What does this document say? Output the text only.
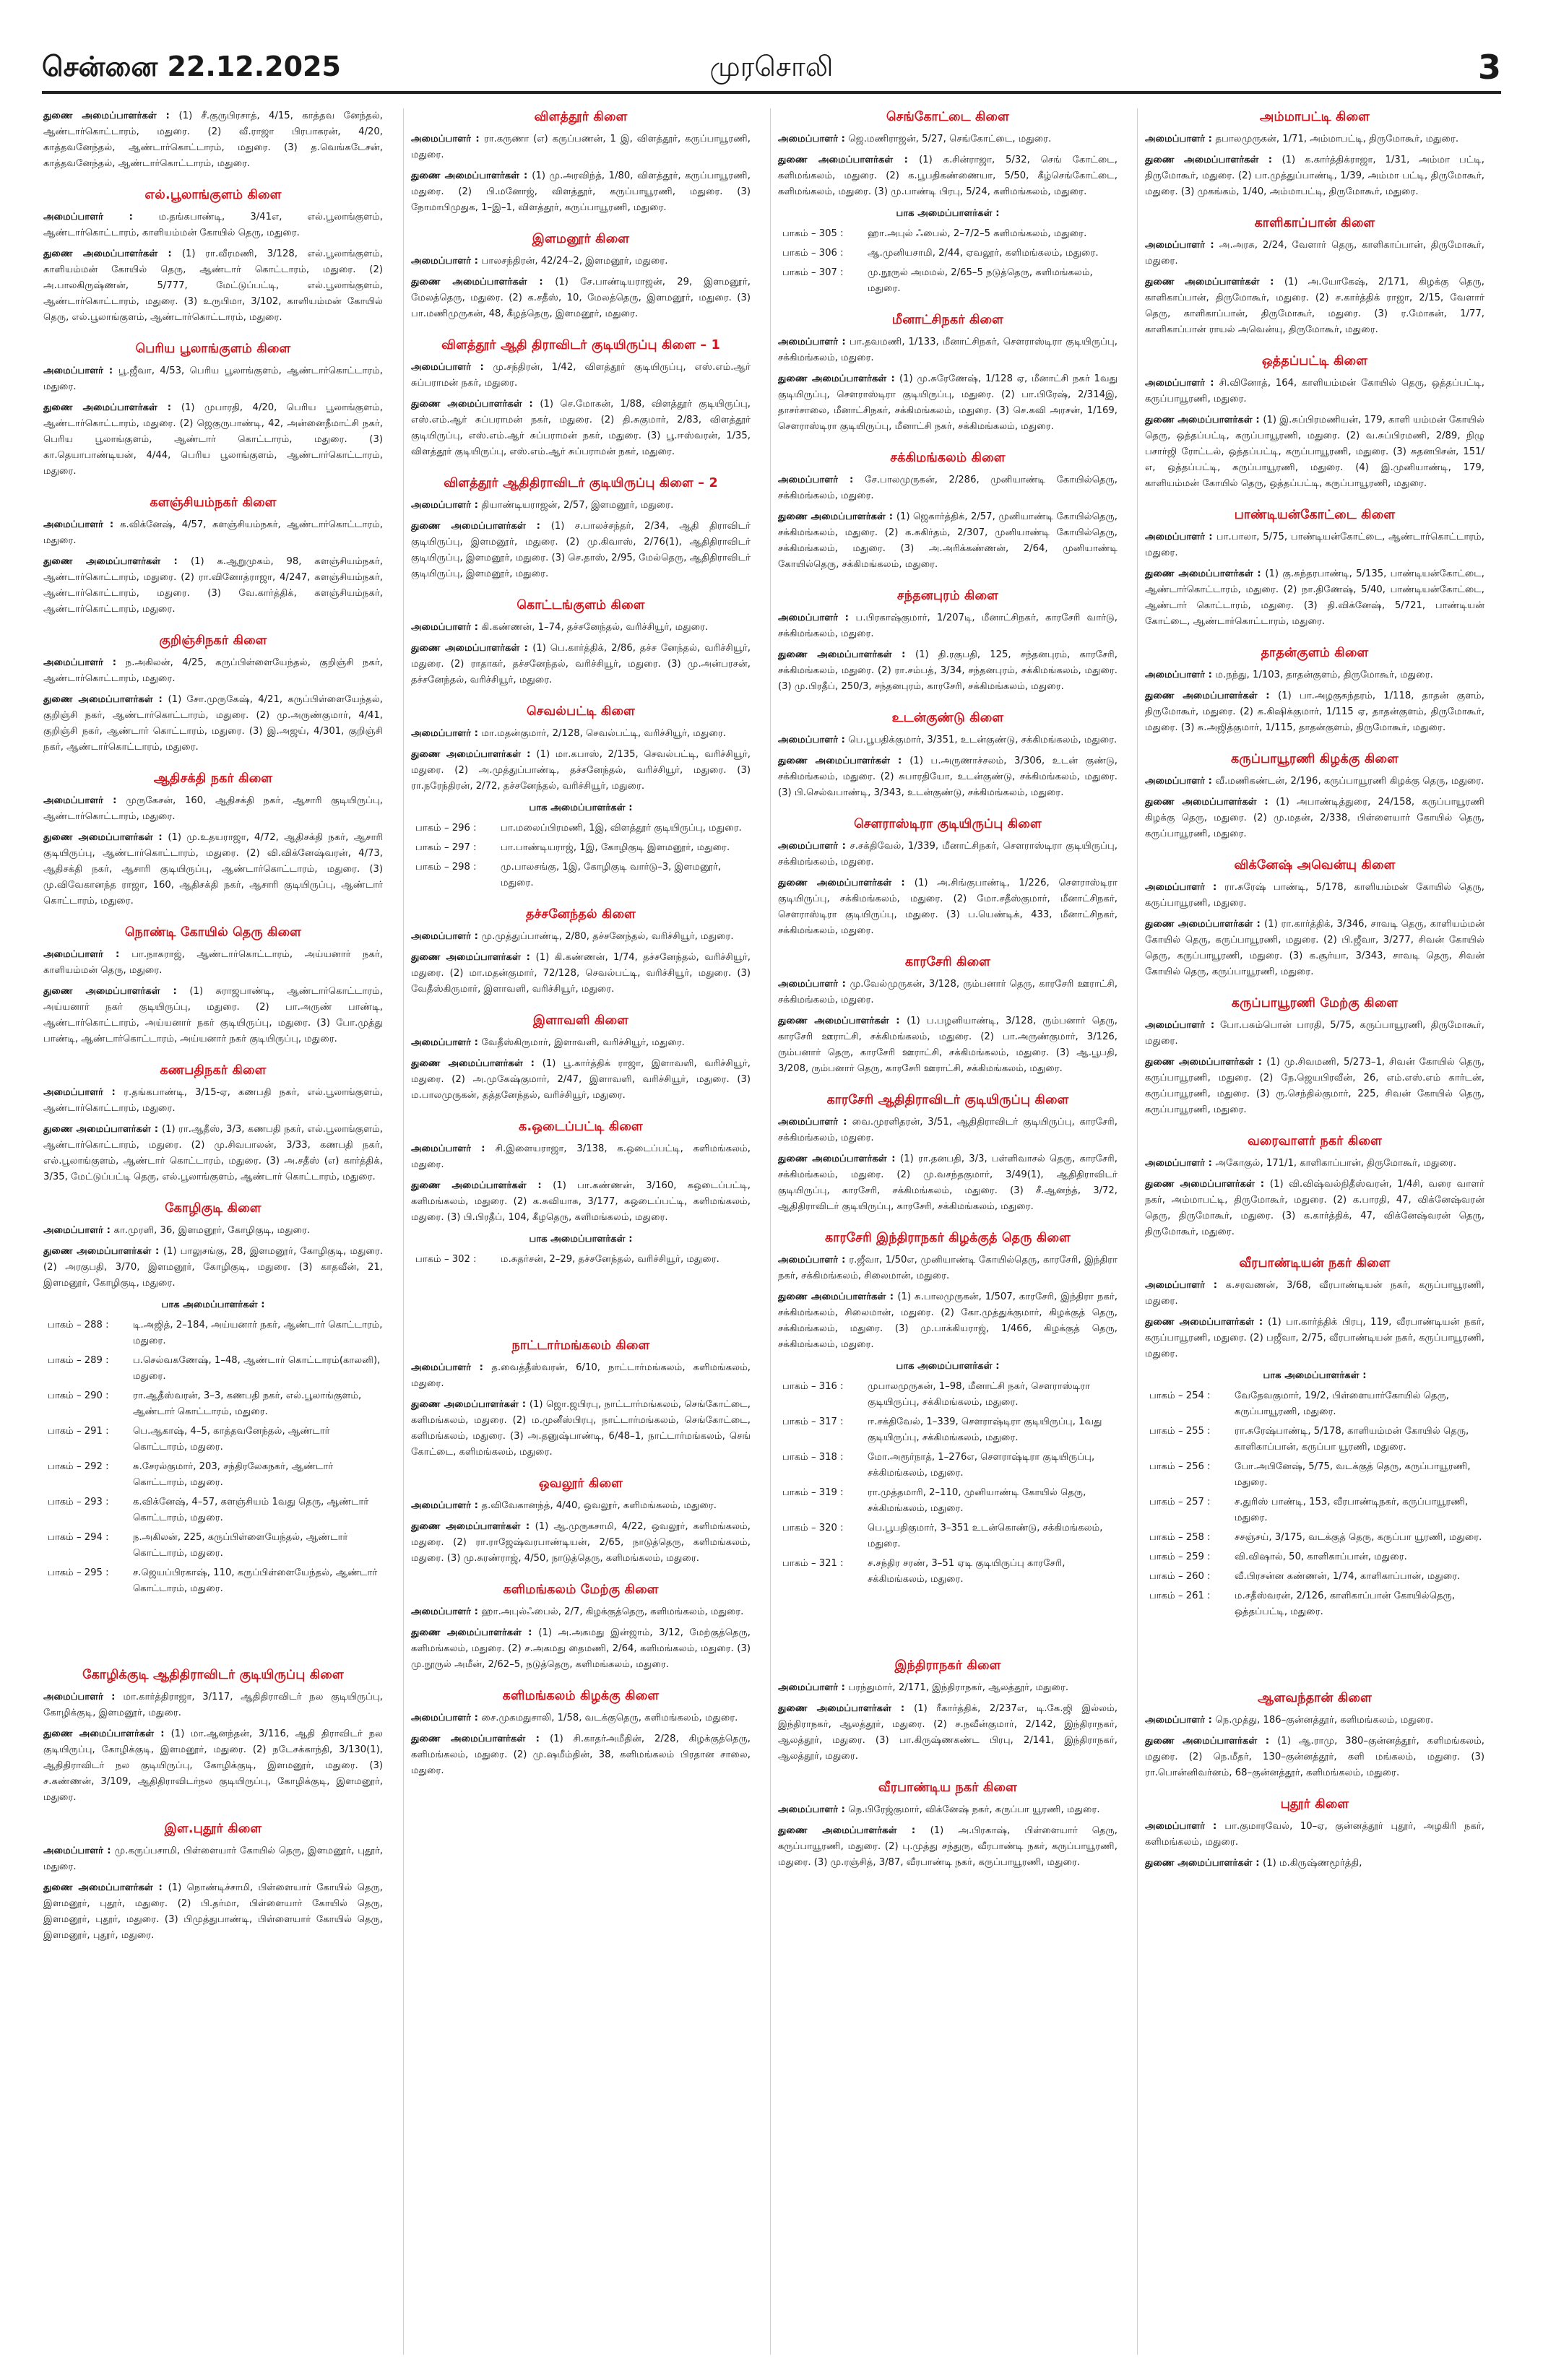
சென்னை 22.12.2025	முரசொலி	3
துணை அமைப்பாளர்கள் : (1) சீ.குருபிரசாத், 4/15, காத்தவ னேந்தல், ஆண்டார்கொட்டாரம், மதுரை. (2) வீ.ராஜா பிரபாகரன், 4/20, காத்தவனேந்தல், ஆண்டார்கொட்டாரம், மதுரை. (3) த.வெங்கடேசன், காத்தவனேந்தல், ஆண்டார்கொட்டாரம், மதுரை.
எல்.பூலாங்குளம் கிளை
அமைப்பாளர் : ம.தங்கபாண்டி, 3/41எ, எல்.பூலாங்குளம், ஆண்டார்கொட்டாரம், காளியம்மன் கோயில் தெரு, மதுரை.
துணை அமைப்பாளர்கள் : (1) ரா.வீரமணி, 3/128, எல்.பூலாங்குளம், காளியம்மன் கோயில் தெரு, ஆண்டார் கொட்டாரம், மதுரை. (2) அ.பாலகிருஷ்ணன், 5/777, மேட்டுப்பட்டி, எல்.பூலாங்குளம், ஆண்டார்கொட்டாரம், மதுரை. (3) உருபிமா, 3/102, காளியம்மன் கோயில் தெரு, எல்.பூலாங்குளம், ஆண்டார்கொட்டாரம், மதுரை.
பெரிய பூலாங்குளம் கிளை
அமைப்பாளர் : பூ.ஜீவா, 4/53, பெரிய பூலாங்குளம், ஆண்டார்கொட்டாரம், மதுரை.
துணை அமைப்பாளர்கள் : (1) முபாரதி, 4/20, பெரிய பூலாங்குளம், ஆண்டார்கொட்டாரம், மதுரை. (2) ஜெகுருபாண்டி, 42, அன்னைநீமாட்சி நகர், பெரிய பூலாங்குளம், ஆண்டார் கொட்டாரம், மதுரை. (3) கா.தெயாபாண்டியன், 4/44, பெரிய பூலாங்குளம், ஆண்டார்கொட்டாரம், மதுரை.
களஞ்சியம்நகர் கிளை
அமைப்பாளர் : க.விக்னேஷ், 4/57, களஞ்சியம்நகர், ஆண்டார்கொட்டாரம், மதுரை.
துணை அமைப்பாளர்கள் : (1) க.ஆறுமுகம், 98, களஞ்சியம்நகர், ஆண்டார்கொட்டாரம், மதுரை. (2) ரா.வினோத்ராஜா, 4/247, களஞ்சியம்நகர், ஆண்டார்கொட்டாரம், மதுரை. (3) வே.கார்த்திக், களஞ்சியம்நகர், ஆண்டார்கொட்டாரம், மதுரை.
குறிஞ்சிநகர் கிளை
அமைப்பாளர் : ந.அகிலன், 4/25, கருப்பிள்ளையேந்தல், குறிஞ்சி நகர், ஆண்டார்கொட்டாரம், மதுரை.
துணை அமைப்பாளர்கள் : (1) சோ.முருகேஷ், 4/21, கருப்பிள்ளையேந்தல், குறிஞ்சி நகர், ஆண்டார்கொட்டாரம், மதுரை. (2) மு.அருண்குமார், 4/41, குறிஞ்சி நகர், ஆண்டார் கொட்டாரம், மதுரை. (3) இ.அஜய், 4/301, குறிஞ்சி நகர், ஆண்டார்கொட்டாரம், மதுரை.
ஆதிசக்தி நகர் கிளை
அமைப்பாளர் : முருகேசன், 160, ஆதிசக்தி நகர், ஆசாரி குடியிருப்பு, ஆண்டார்கொட்டாரம், மதுரை.
துணை அமைப்பாளர்கள் : (1) மு.உதயராஜா, 4/72, ஆதிசக்தி நகர், ஆசாரி குடியிருப்பு, ஆண்டார்கொட்டாரம், மதுரை. (2) வி.விக்னேஷ்வரன், 4/73, ஆதிசக்தி நகர், ஆசாரி குடியிருப்பு, ஆண்டார்கொட்டாரம், மதுரை. (3) மு.விவேகானந்த ராஜா, 160, ஆதிசக்தி நகர், ஆசாரி குடியிருப்பு, ஆண்டார் கொட்டாரம், மதுரை.
நொண்டி கோயில் தெரு கிளை
அமைப்பாளர் : பா.நாகராஜ், ஆண்டார்கொட்டாரம், அய்யனார் நகர், காளியம்மன் தெரு, மதுரை.
துணை அமைப்பாளர்கள் : (1) சுராஜபாண்டி, ஆண்டார்கொட்டாரம், அய்யனார் நகர் குடியிருப்பு, மதுரை. (2) பா.அருண் பாண்டி, ஆண்டார்கொட்டாரம், அய்யனார் நகர் குடியிருப்பு, மதுரை. (3) போ.முத்து பாண்டி, ஆண்டார்கொட்டாரம், அய்யனார் நகர் குடியிருப்பு, மதுரை.
கணபதிநகர் கிளை
அமைப்பாளர் : ர.தங்கபாண்டி, 3/15-ஏ, கணபதி நகர், எல்.பூலாங்குளம், ஆண்டார்கொட்டாரம், மதுரை.
துணை அமைப்பாளர்கள் : (1) ரா.ஆதீஸ், 3/3, கணபதி நகர், எல்.பூலாங்குளம், ஆண்டார்கொட்டாரம், மதுரை. (2) மு.சிவபாலன், 3/33, கணபதி நகர், எல்.பூலாங்குளம், ஆண்டார் கொட்டாரம், மதுரை. (3) அ.சதீஸ் (எ) கார்த்திக், 3/35, மேட்டுப்பட்டி தெரு, எல்.பூலாங்குளம், ஆண்டார் கொட்டாரம், மதுரை.
கோழிகுடி கிளை
அமைப்பாளர் : கா.முரளி, 36, இளமனூர், கோழிகுடி, மதுரை.
துணை அமைப்பாளர்கள் : (1) பாலுசங்கு, 28, இளமனூர், கோழிகுடி, மதுரை. (2) அரகுபதி, 3/70, இளமனூர், கோழிகுடி, மதுரை. (3) காதவீன், 21, இளமனூர், கோழிகுடி, மதுரை.
பாக அமைப்பாளர்கள் :
பாகம் – 288 :	டி.அஜித், 2–184, அய்யனார் நகர், ஆண்டார் கொட்டாரம், மதுரை.
பாகம் – 289 :	ப.செல்வகணேஷ், 1–48, ஆண்டார் கொட்டாரம்(காலனி), மதுரை.
பாகம் – 290 :	ரா.ஆதீஸ்வரன், 3–3, கணபதி நகர், எல்.பூலாங்குளம், ஆண்டார் கொட்டாரம், மதுரை.
பாகம் – 291 :	பெ.ஆகாஷ், 4–5, காத்தவனேந்தல், ஆண்டார் கொட்டாரம், மதுரை.
பாகம் – 292 :	சு.சேரல்குமார், 203, சந்திரலேகநகர், ஆண்டார் கொட்டாரம், மதுரை.
பாகம் – 293 :	க.விக்னேஷ், 4–57, களஞ்சியம் 1வது தெரு, ஆண்டார் கொட்டாரம், மதுரை.
பாகம் – 294 :	ந.அகிலன், 225, கருப்பிள்ளையேந்தல், ஆண்டார் கொட்டாரம், மதுரை.
பாகம் – 295 :	ச.ஜெயப்பிரகாஷ், 110, கருப்பிள்ளையேந்தல், ஆண்டார் கொட்டாரம், மதுரை.
கோழிக்குடி ஆதிதிராவிடர் குடியிருப்பு கிளை
அமைப்பாளர் : மா.கார்த்திராஜா, 3/117, ஆதிதிராவிடர் நல குடியிருப்பு, கோழிக்குடி, இளமனூர், மதுரை.
துணை அமைப்பாளர்கள் : (1) மா.ஆனந்தன், 3/116, ஆதி திராவிடர் நல குடியிருப்பு, கோழிக்குடி, இளமனூர், மதுரை. (2) நடேசக்காந்தி, 3/130(1), ஆதிதிராவிடர் நல குடியிருப்பு, கோழிக்குடி, இளமனூர், மதுரை. (3) ச.கண்ணன், 3/109, ஆதிதிராவிடர்நல குடியிருப்பு, கோழிக்குடி, இளமனூர், மதுரை.
இள.புதூர் கிளை
அமைப்பாளர் : மு.கருப்பசாமி, பிள்ளையார் கோயில் தெரு, இளமனூர், புதூர், மதுரை.
துணை அமைப்பாளர்கள் : (1) நொண்டிச்சாமி, பிள்ளையார் கோயில் தெரு, இளமனூர், புதூர், மதுரை. (2) பி.தர்மா, பிள்ளையார் கோயில் தெரு, இளமனூர், புதூர், மதுரை. (3) பிமுத்துபாண்டி, பிள்ளையார் கோயில் தெரு, இளமனூர், புதூர், மதுரை.
விளத்தூர் கிளை
அமைப்பாளர் : ரா.கருணா (எ) கருப்பணன், 1 இ, விளத்தூர், கருப்பாயூரணி, மதுரை.
துணை அமைப்பாளர்கள் : (1) மு.அரவிந்த், 1/80, விளத்தூர், கருப்பாயூரணி, மதுரை. (2) பி.மனோஜ், விளத்தூர், கருப்பாயூரணி, மதுரை. (3) நோமாபிமுதுக, 1–இ–1, விளத்தூர், கருப்பாயூரணி, மதுரை.
இளமனூர் கிளை
அமைப்பாளர் : பாலசந்திரன், 42/24–2, இளமனூர், மதுரை.
துணை அமைப்பாளர்கள் : (1) சே.பாண்டியராஜன், 29, இளமனூர், மேலத்தெரு, மதுரை. (2) க.சதீஸ், 10, மேலத்தெரு, இளமனூர், மதுரை. (3) பா.மணிமுருகன், 48, கீழத்தெரு, இளமனூர், மதுரை.
விளத்தூர் ஆதி திராவிடர் குடியிருப்பு கிளை – 1
அமைப்பாளர் : மு.சந்திரன், 1/42, விளத்தூர் குடியிருப்பு, எஸ்.எம்.ஆர் சுப்பராமன் நகர், மதுரை.
துணை அமைப்பாளர்கள் : (1) செ.மோகன், 1/88, விளத்தூர் குடியிருப்பு, எஸ்.எம்.ஆர் சுப்பராமன் நகர், மதுரை. (2) தி.சுகுமார், 2/83, விளத்தூர் குடியிருப்பு, எஸ்.எம்.ஆர் சுப்பராமன் நகர், மதுரை. (3) பூ.ஈஸ்வரன், 1/35, விளத்தூர் குடியிருப்பு, எஸ்.எம்.ஆர் சுப்பராமன் நகர், மதுரை.
விளத்தூர் ஆதிதிராவிடர் குடியிருப்பு கிளை – 2
அமைப்பாளர் : தியாண்டியராஜன், 2/57, இளமனூர், மதுரை.
துணை அமைப்பாளர்கள் : (1) ச.பாலச்சந்தர், 2/34, ஆதி திராவிடர் குடியிருப்பு, இளமனூர், மதுரை. (2) மு.கிவாஸ், 2/76(1), ஆதிதிராவிடர் குடியிருப்பு, இளமனூர், மதுரை. (3) செ.தாஸ், 2/95, மேல்தெரு, ஆதிதிராவிடர் குடியிருப்பு, இளமனூர், மதுரை.
கொட்டங்குளம் கிளை
அமைப்பாளர் : கி.கண்ணன், 1–74, தச்சனேந்தல், வரிச்சியூர், மதுரை.
துணை அமைப்பாளர்கள் : (1) பெ.கார்த்திக், 2/86, தச்ச னேந்தல், வரிச்சியூர், மதுரை. (2) ராதாகர், தச்சனேந்தல், வரிச்சியூர், மதுரை. (3) மு.அன்பரசன், தச்சனேந்தல், வரிச்சியூர், மதுரை.
செவல்பட்டி கிளை
அமைப்பாளர் : மா.மதன்குமார், 2/128, செவல்பட்டி, வரிச்சியூர், மதுரை.
துணை அமைப்பாளர்கள் : (1) மா.கபாஸ், 2/135, செவல்பட்டி, வரிச்சியூர், மதுரை. (2) அ.முத்துப்பாண்டி, தச்சனேந்தல், வரிச்சியூர், மதுரை. (3) ரா.நரேந்திரன், 2/72, தச்சனேந்தல், வரிச்சியூர், மதுரை.
பாக அமைப்பாளர்கள் :
பாகம் – 296 :	பா.மலைப்பிரமணி, 1இ, விளத்தூர் குடியிருப்பு, மதுரை.
பாகம் – 297 :	பா.பாண்டியராஜ், 1இ, கோழிகுடி இளமனூர், மதுரை.
பாகம் – 298 :	மு.பாலசங்கு, 1இ, கோழிகுடி வார்டு–3, இளமனூர், மதுரை.
தச்சனேந்தல் கிளை
அமைப்பாளர் : மு.முத்துப்பாண்டி, 2/80, தச்சனேந்தல், வரிச்சியூர், மதுரை.
துணை அமைப்பாளர்கள் : (1) கி.கண்ணன், 1/74, தச்சனேந்தல், வரிச்சியூர், மதுரை. (2) மா.மதன்குமார், 72/128, செவல்பட்டி, வரிச்சியூர், மதுரை. (3) வேதீஸ்கிருமார், இளாவளி, வரிச்சியூர், மதுரை.
இளாவளி கிளை
அமைப்பாளர் : வேதீஸ்கிருமார், இளாவளி, வரிச்சியூர், மதுரை.
துணை அமைப்பாளர்கள் : (1) பூ.கார்த்திக் ராஜா, இளாவளி, வரிச்சியூர், மதுரை. (2) அ.முகேஷ்குமார், 2/47, இளாவளி, வரிச்சியூர், மதுரை. (3) ம.பாலமுருகன், தத்தனேந்தல், வரிச்சியூர், மதுரை.
க.ஒடைப்பட்டி கிளை
அமைப்பாளர் : சி.இளையராஜா, 3/138, க.ஒடைப்பட்டி, களிமங்கலம், மதுரை.
துணை அமைப்பாளர்கள் : (1) பா.கண்ணன், 3/160, கஒடைப்பட்டி, களிமங்கலம், மதுரை. (2) க.சுவியாசு, 3/177, கஒடைப்பட்டி, களிமங்கலம், மதுரை. (3) பி.பிரதீப், 104, கீழதெரு, களிமங்கலம், மதுரை.
பாக அமைப்பாளர்கள் :
பாகம் – 302 :	ம.சுதர்சன், 2–29, தச்சனேந்தல், வரிச்சியூர், மதுரை.
நாட்டார்மங்கலம் கிளை
அமைப்பாளர் : த.வைத்தீஸ்வரன், 6/10, நாட்டார்மங்கலம், களிமங்கலம், மதுரை.
துணை அமைப்பாளர்கள் : (1) ஜொ.ஜபிரபு, நாட்டார்மங்கலம், செங்கோட்டை, களிமங்கலம், மதுரை. (2) ம.முனீஸ்பிரபு, நாட்டார்மங்கலம், செங்கோட்டை, களிமங்கலம், மதுரை. (3) அ.தனுஷ்பாண்டி, 6/48–1, நாட்டார்மங்கலம், செங் கோட்டை, களிமங்கலம், மதுரை.
ஒவலூர் கிளை
அமைப்பாளர் : த.விவேகானந்த், 4/40, ஒவலூர், களிமங்கலம், மதுரை.
துணை அமைப்பாளர்கள் : (1) ஆ.முருகசாமி, 4/22, ஒவலூர், களிமங்கலம், மதுரை. (2) ரா.ராஜேஷ்வரபாண்டியன், 2/65, நாடுத்தெரு, களிமங்கலம், மதுரை. (3) மு.சுரண்ராஜ், 4/50, நாடுத்தெரு, களிமங்கலம், மதுரை.
களிமங்கலம் மேற்கு கிளை
அமைப்பாளர் : ஹா.அபுல்ஃபைல், 2/7, கிழக்குத்தெரு, களிமங்கலம், மதுரை.
துணை அமைப்பாளர்கள் : (1) அ.அகமது இன்ஜாம், 3/12, மேற்குத்தெரு, களிமங்கலம், மதுரை. (2) ச.அகமது தைமணி, 2/64, களிமங்கலம், மதுரை. (3) மு.நூருல் அமீன், 2/62–5, நடுத்தெரு, களிமங்கலம், மதுரை.
களிமங்கலம் கிழக்கு கிளை
அமைப்பாளர் : சை.முகமதுசாலி, 1/58, வடக்குதெரு, களிமங்கலம், மதுரை.
துணை அமைப்பாளர்கள் : (1) சி.காதர்அமீதின், 2/28, கிழக்குத்தெரு, களிமங்கலம், மதுரை. (2) மு.ஷமீம்தின், 38, களிமங்கலம் பிரதான சாலை, மதுரை.
செங்கோட்டை கிளை
அமைப்பாளர் : ஜெ.மணிராஜன், 5/27, செங்கோட்டை, மதுரை.
துணை அமைப்பாளர்கள் : (1) க.சின்ராஜா, 5/32, செங் கோட்டை, களிமங்கலம், மதுரை. (2) க.பூபதிகண்ணையா, 5/50, கீழ்செங்கோட்டை, களிமங்கலம், மதுரை. (3) மு.பாண்டி பிரபு, 5/24, களிமங்கலம், மதுரை.
பாக அமைப்பாளர்கள் :
பாகம் – 305 :	ஹா.அபுல் ஃபைல், 2–7/2–5 களிமங்கலம், மதுரை.
பாகம் – 306 :	ஆ.முனியசாமி, 2/44, ஏவலூர், களிமங்கலம், மதுரை.
பாகம் – 307 :	மு.நூருல் அமமல், 2/65–5 நடுத்தெரு, களிமங்கலம், மதுரை.
மீனாட்சிநகர் கிளை
அமைப்பாளர் : பா.தவமணி, 1/133, மீனாட்சிநகர், சௌராஸ்டிரா குடியிருப்பு, சக்கிமங்கலம், மதுரை.
துணை அமைப்பாளர்கள் : (1) மு.சுரேணேஷ், 1/128 ஏ, மீனாட்சி நகர் 1வது குடியிருப்பு, சௌராஸ்டிரா குடியிருப்பு, மதுரை. (2) பா.பிரேஷ், 2/314இ, தாசர்சாலை, மீனாட்சிநகர், சக்கிமங்கலம், மதுரை. (3) செ.கவி அரசன், 1/169, சௌராஸ்டிரா குடியிருப்பு, மீனாட்சி நகர், சக்கிமங்கலம், மதுரை.
சக்கிமங்கலம் கிளை
அமைப்பாளர் : சே.பாலமுருகன், 2/286, முனியாண்டி கோயில்தெரு, சக்கிமங்கலம், மதுரை.
துணை அமைப்பாளர்கள் : (1) ஜெகார்த்திக், 2/57, முனியாண்டி கோயில்தெரு, சக்கிமங்கலம், மதுரை. (2) க.சுகிர்தம், 2/307, முனியாண்டி கோயில்தெரு, சக்கிமங்கலம், மதுரை. (3) அ.அரிக்கண்ணன், 2/64, முனியாண்டி கோயில்தெரு, சக்கிமங்கலம், மதுரை.
சந்தனபுரம் கிளை
அமைப்பாளர் : ப.பிரகாஷ்குமார், 1/207டி, மீனாட்சிநகர், காரசேரி வார்டு, சக்கிமங்கலம், மதுரை.
துணை அமைப்பாளர்கள் : (1) தி.ரகுபதி, 125, சந்தனபுரம், காரசேரி, சக்கிமங்கலம், மதுரை. (2) ரா.சம்பத், 3/34, சந்தனபுரம், சக்கிமங்கலம், மதுரை. (3) மு.பிரதீப், 250/3, சந்தனபுரம், காரசேரி, சக்கிமங்கலம், மதுரை.
உடன்குண்டு கிளை
அமைப்பாளர் : பெ.பூபதிக்குமார், 3/351, உடன்குண்டு, சக்கிமங்கலம், மதுரை.
துணை அமைப்பாளர்கள் : (1) ப.அருணாச்சலம், 3/306, உடன் குண்டு, சக்கிமங்கலம், மதுரை. (2) சுபாரதியோ, உடன்குண்டு, சக்கிமங்கலம், மதுரை. (3) பி.செல்வபாண்டி, 3/343, உடன்குண்டு, சக்கிமங்கலம், மதுரை.
சௌராஸ்டிரா குடியிருப்பு கிளை
அமைப்பாளர் : ச.சக்திவேல், 1/339, மீனாட்சிநகர், சௌராஸ்டிரா குடியிருப்பு, சக்கிமங்கலம், மதுரை.
துணை அமைப்பாளர்கள் : (1) அ.சிங்குபாண்டி, 1/226, சௌராஸ்டிரா குடியிருப்பு, சக்கிமங்கலம், மதுரை. (2) மோ.சதீஸ்குமார், மீனாட்சிநகர், சௌராஸ்டிரா குடியிருப்பு, மதுரை. (3) ப.யெண்டிக், 433, மீனாட்சிநகர், சக்கிமங்கலம், மதுரை.
காரசேரி கிளை
அமைப்பாளர் : மு.வேல்முருகன், 3/128, ரும்பனார் தெரு, காரசேரி ஊராட்சி, சக்கிமங்கலம், மதுரை.
துணை அமைப்பாளர்கள் : (1) ப.பழனியாண்டி, 3/128, ரும்பனார் தெரு, காரசேரி ஊராட்சி, சக்கிமங்கலம், மதுரை. (2) பா.அருண்குமார், 3/126, ரும்பனார் தெரு, காரசேரி ஊராட்சி, சக்கிமங்கலம், மதுரை. (3) ஆ.பூபதி, 3/208, ரும்பனார் தெரு, காரசேரி ஊராட்சி, சக்கிமங்கலம், மதுரை.
காரசேரி ஆதிதிராவிடர் குடியிருப்பு கிளை
அமைப்பாளர் : வை.முரளிதரன், 3/51, ஆதிதிராவிடர் குடியிருப்பு, காரசேரி, சக்கிமங்கலம், மதுரை.
துணை அமைப்பாளர்கள் : (1) ரா.தனபதி, 3/3, பள்ளிவாசல் தெரு, காரசேரி, சக்கிமங்கலம், மதுரை. (2) மு.வசந்தகுமார், 3/49(1), ஆதிதிராவிடர் குடியிருப்பு, காரசேரி, சக்கிமங்கலம், மதுரை. (3) சீ.ஆனந்த், 3/72, ஆதிதிராவிடர் குடியிருப்பு, காரசேரி, சக்கிமங்கலம், மதுரை.
காரசேரி இந்திராநகர் கிழக்குத் தெரு கிளை
அமைப்பாளர் : ர.ஜீவா, 1/50எ, முனியாண்டி கோயில்தெரு, காரசேரி, இந்திரா நகர், சக்கிமங்கலம், சிலைமான், மதுரை.
துணை அமைப்பாளர்கள் : (1) சு.பாலமுருகன், 1/507, காரசேரி, இந்திரா நகர், சக்கிமங்கலம், சிலைமான், மதுரை. (2) கோ.முத்துக்குமார், கிழக்குத் தெரு, சக்கிமங்கலம், மதுரை. (3) மு.பாக்கியராஜ், 1/466, கிழக்குத் தெரு, சக்கிமங்கலம், மதுரை.
பாக அமைப்பாளர்கள் :
பாகம் – 316 :	முபாலமுருகன், 1–98, மீனாட்சி நகர், சௌராஸ்டிரா குடியிருப்பு, சக்கிமங்கலம், மதுரை.
பாகம் – 317 :	ஈ.சக்திவேல், 1–339, சௌராஷ்டிரா குடியிருப்பு, 1வது குடியிருப்பு, சக்கிமங்கலம், மதுரை.
பாகம் – 318 :	மோ.அரூர்நாத், 1–276எ, சௌராஷ்டிரா குடியிருப்பு, சக்கிமங்கலம், மதுரை.
பாகம் – 319 :	ரா.முத்தமாரி, 2–110, முனியாண்டி கோயில் தெரு, சக்கிமங்கலம், மதுரை.
பாகம் – 320 :	பெ.பூபதிகுமார், 3–351 உடன்கொண்டு, சக்கிமங்கலம், மதுரை.
பாகம் – 321 :	ச.சந்திர சரண், 3–51 ஏடி குடியிருப்பு காரசேரி, சக்கிமங்கலம், மதுரை.
இந்திராநகர் கிளை
அமைப்பாளர் : பரந்துமார், 2/171, இந்திராநகர், ஆலத்தூர், மதுரை.
துணை அமைப்பாளர்கள் : (1) ரீகார்த்திக், 2/237எ, டி.கே.ஜி இல்லம், இந்திராநகர், ஆலத்தூர், மதுரை. (2) ச.நவீன்குமார், 2/142, இந்திராநகர், ஆலத்தூர், மதுரை. (3) பா.கிருஷ்ணகண்ட பிரபு, 2/141, இந்திராநகர், ஆலத்தூர், மதுரை.
வீரபாண்டிய நகர் கிளை
அமைப்பாளர் : நெ.பிரேஜ்குமார், விக்னேஷ் நகர், கருப்பா யூரணி, மதுரை.
துணை அமைப்பாளர்கள் : (1) அ.பிரகாஷ், பிள்ளையார் தெரு, கருப்பாயூரணி, மதுரை. (2) பு.முத்து சந்துரு, வீரபாண்டி நகர், கருப்பாயூரணி, மதுரை. (3) மு.ரஞ்சித், 3/87, வீரபாண்டி நகர், கருப்பாயூரணி, மதுரை.
அம்மாபட்டி கிளை
அமைப்பாளர் : தபாலமுருகன், 1/71, அம்மாபட்டி, திருமோகூர், மதுரை.
துணை அமைப்பாளர்கள் : (1) க.கார்த்திக்ராஜா, 1/31, அம்மா பட்டி, திருமோகூர், மதுரை. (2) பா.முத்துப்பாண்டி, 1/39, அம்மா பட்டி, திருமோகூர், மதுரை. (3) முகங்கம், 1/40, அம்மாபட்டி, திருமோகூர், மதுரை.
காளிகாப்பான் கிளை
அமைப்பாளர் : அ.அரசு, 2/24, வேளார் தெரு, காளிகாப்பான், திருமோகூர், மதுரை.
துணை அமைப்பாளர்கள் : (1) அ.யோகேஷ், 2/171, கிழக்கு தெரு, காளிகாப்பான், திருமோகூர், மதுரை. (2) ச.கார்த்திக் ராஜா, 2/15, வேளார் தெரு, காளிகாப்பான், திருமோகூர், மதுரை. (3) ர.மோகன், 1/77, காளிகாப்பான் ராயல் அவென்யு, திருமோகூர், மதுரை.
ஒத்தப்பட்டி கிளை
அமைப்பாளர் : சி.வினோத், 164, காளியம்மன் கோயில் தெரு, ஒத்தப்பட்டி, கருப்பாயூரணி, மதுரை.
துணை அமைப்பாளர்கள் : (1) இ.சுப்பிரமணியன், 179, காளி யம்மன் கோயில் தெரு, ஒத்தப்பட்டி, கருப்பாயூரணி, மதுரை. (2) வ.சுப்பிரமணி, 2/89, நிழு பசார்ஜி ரோட்டல், ஒத்தப்பட்டி, கருப்பாயூரணி, மதுரை. (3) சுதனபிசன், 151/எ, ஒத்தப்பட்டி, கருப்பாயூரணி, மதுரை. (4) இ.முனியாண்டி, 179, காளியம்மன் கோயில் தெரு, ஒத்தப்பட்டி, கருப்பாயூரணி, மதுரை.
பாண்டியன்கோட்டை கிளை
அமைப்பாளர் : பா.பாலா, 5/75, பாண்டியன்கோட்டை, ஆண்டார்கொட்டாரம், மதுரை.
துணை அமைப்பாளர்கள் : (1) கு.சுந்தரபாண்டி, 5/135, பாண்டியன்கோட்டை, ஆண்டார்கொட்டாரம், மதுரை. (2) நா.திணேஷ், 5/40, பாண்டியன்கோட்டை, ஆண்டார் கொட்டாரம், மதுரை. (3) தி.விக்னேஷ், 5/721, பாண்டியன் கோட்டை, ஆண்டார்கொட்டாரம், மதுரை.
தாதன்குளம் கிளை
அமைப்பாளர் : ம.நந்து, 1/103, தாதன்குளம், திருமோகூர், மதுரை.
துணை அமைப்பாளர்கள் : (1) பா.அழகுசுந்தரம், 1/118, தாதன் குளம், திருமோகூர், மதுரை. (2) க.கிஷிக்குமார், 1/115 ஏ, தாதன்குளம், திருமோகூர், மதுரை. (3) சு.அஜித்குமார், 1/115, தாதன்குளம், திருமோகூர், மதுரை.
கருப்பாயூரணி கிழக்கு கிளை
அமைப்பாளர் : வீ.மணிகண்டன், 2/196, கருப்பாயூரணி கிழக்கு தெரு, மதுரை.
துணை அமைப்பாளர்கள் : (1) அபாண்டித்துரை, 24/158, கருப்பாயூரணி கிழக்கு தெரு, மதுரை. (2) மு.மதன், 2/338, பிள்ளையார் கோயில் தெரு, கருப்பாயூரணி, மதுரை.
விக்னேஷ் அவென்யு கிளை
அமைப்பாளர் : ரா.சுரேஷ் பாண்டி, 5/178, காளியம்மன் கோயில் தெரு, கருப்பாயூரணி, மதுரை.
துணை அமைப்பாளர்கள் : (1) ரா.கார்த்திக், 3/346, சாவடி தெரு, காளியம்மன் கோயில் தெரு, கருப்பாயூரணி, மதுரை. (2) பி.ஜீவா, 3/277, சிவன் கோயில் தெரு, கருப்பாயூரணி, மதுரை. (3) க.சூர்யா, 3/343, சாவடி தெரு, சிவன் கோயில் தெரு, கருப்பாயூரணி, மதுரை.
கருப்பாயூரணி மேற்கு கிளை
அமைப்பாளர் : போ.பசும்பொன் பாரதி, 5/75, கருப்பாயூரணி, திருமோகூர், மதுரை.
துணை அமைப்பாளர்கள் : (1) மு.சிவமணி, 5/273–1, சிவன் கோயில் தெரு, கருப்பாயூரணி, மதுரை. (2) நே.ஜெயபிரவீன், 26, எம்.எஸ்.எம் கார்டன், கருப்பாயூரணி, மதுரை. (3) ரு.செந்தில்குமார், 225, சிவன் கோயில் தெரு, கருப்பாயூரணி, மதுரை.
வரைவாளர் நகர் கிளை
அமைப்பாளர் : அகோகுல், 171/1, காளிகாப்பான், திருமோகூர், மதுரை.
துணை அமைப்பாளர்கள் : (1) வி.விஷ்வல்நிதீஸ்வரன், 1/4சி, வரை வாளர் நகர், அம்மாபட்டி, திருமோகூர், மதுரை. (2) க.பாரதி, 47, விக்னேஷ்வரன் தெரு, திருமோகூர், மதுரை. (3) க.கார்த்திக், 47, விக்னேஷ்வரன் தெரு, திருமோகூர், மதுரை.
வீரபாண்டியன் நகர் கிளை
அமைப்பாளர் : க.சரவணன், 3/68, வீரபாண்டியன் நகர், கருப்பாயூரணி, மதுரை.
துணை அமைப்பாளர்கள் : (1) பா.கார்த்திக் பிரபு, 119, வீரபாண்டியன் நகர், கருப்பாயூரணி, மதுரை. (2) பஜீவா, 2/75, வீரபாண்டியன் நகர், கருப்பாயூரணி, மதுரை.
பாக அமைப்பாளர்கள் :
பாகம் – 254 :	வேதேவகுமார், 19/2, பிள்ளையார்கோயில் தெரு, கருப்பாயூரணி, மதுரை.
பாகம் – 255 :	ரா.சுரேஷ்பாண்டி, 5/178, காளியம்மன் கோயில் தெரு, காளிகாப்பான், கருப்பா யூரணி, மதுரை.
பாகம் – 256 :	போ.அபினேஷ், 5/75, வடக்குத் தெரு, கருப்பாயூரணி, மதுரை.
பாகம் – 257 :	ச.துரிஸ் பாண்டி, 153, வீரபாண்டிநகர், கருப்பாயூரணி, மதுரை.
பாகம் – 258 :	சசஞ்சய், 3/175, வடக்குத் தெரு, கருப்பா யூரணி, மதுரை.
பாகம் – 259 :	வி.விஷால், 50, காளிகாப்பான், மதுரை.
பாகம் – 260 :	வீ.பிரசன்ன கண்ணன், 1/74, காளிகாப்பான், மதுரை.
பாகம் – 261 :	ம.சதீஸ்வரன், 2/126, காளிகாப்பான் கோயில்தெரு, ஒத்தப்பட்டி, மதுரை.
ஆளவந்தான் கிளை
அமைப்பாளர் : நெ.முத்து, 186–குன்னத்தூர், களிமங்கலம், மதுரை.
துணை அமைப்பாளர்கள் : (1) ஆ.ராமு, 380–குன்னத்தூர், களிமங்கலம், மதுரை. (2) நெ.மீதர், 130–குன்னத்தூர், களி மங்கலம், மதுரை. (3) ரா.பொன்னிவர்னம், 68–குன்னத்தூர், களிமங்கலம், மதுரை.
புதூர் கிளை
அமைப்பாளர் : பா.குமாரவேல், 10–ஏ, குன்னத்தூர் புதூர், அழகிரி நகர், களிமங்கலம், மதுரை.
துணை அமைப்பாளர்கள் : (1) ம.கிருஷ்ணமூர்த்தி,
